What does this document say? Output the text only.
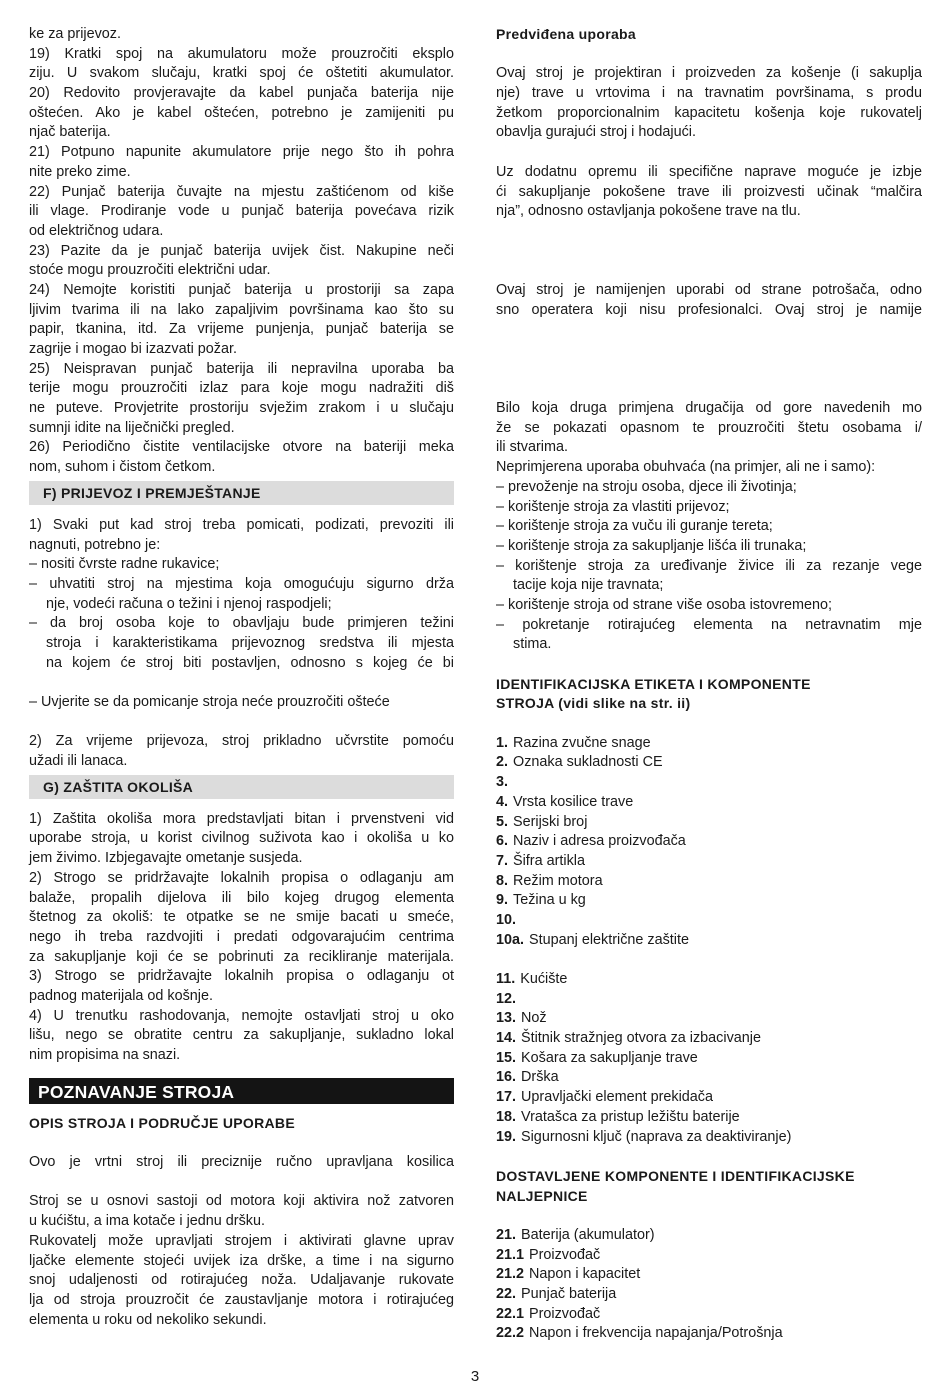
ke za prijevoz.
19) Kratki spoj na akumulatoru može prouzročiti eksplo
ziju. U svakom slučaju, kratki spoj će oštetiti akumulator.
20) Redovito provjeravajte da kabel punjača baterija nije
oštećen. Ako je kabel oštećen, potrebno je zamijeniti pu
njač baterija.
21) Potpuno napunite akumulatore prije nego što ih pohra
nite preko zime.
22) Punjač baterija čuvajte na mjestu zaštićenom od kiše
ili vlage. Prodiranje vode u punjač baterija povećava rizik
od električnog udara.
23) Pazite da je punjač baterija uvijek čist. Nakupine neči
stoće mogu prouzročiti električni udar.
24) Nemojte koristiti punjač baterija u prostoriji sa zapa
ljivim tvarima ili na lako zapaljivim površinama kao što su
papir, tkanina, itd. Za vrijeme punjenja, punjač baterija se
zagrije i mogao bi izazvati požar.
25) Neispravan punjač baterija ili nepravilna uporaba ba
terije mogu prouzročiti izlaz para koje mogu nadražiti diš
ne puteve. Provjetrite prostoriju svježim zrakom i u slučaju
sumnji idite na liječnički pregled.
26) Periodično čistite ventilacijske otvore na bateriji meka
nom, suhom i čistom četkom.
F) PRIJEVOZ I PREMJEŠTANJE
1) Svaki put kad stroj treba pomicati, podizati, prevoziti ili
nagnuti, potrebno je:
– nositi čvrste radne rukavice;
– uhvatiti stroj na mjestima koja omogućuju sigurno drža
nje, vodeći računa o težini i njenoj raspodjeli;
– da broj osoba koje to obavljaju bude primjeren težini
stroja i karakteristikama prijevoznog sredstva ili mjesta
na kojem će stroj biti postavljen, odnosno s kojeg će bi
– Uvjerite se da pomicanje stroja neće prouzročiti ošteće
2) Za vrijeme prijevoza, stroj prikladno učvrstite pomoću
užadi ili lanaca.
G) ZAŠTITA OKOLIŠA
1) Zaštita okoliša mora predstavljati bitan i prvenstveni vid
uporabe stroja, u korist civilnog suživota kao i okoliša u ko
jem živimo. Izbjegavajte ometanje susjeda.
2) Strogo se pridržavajte lokalnih propisa o odlaganju am
balaže, propalih dijelova ili bilo kojeg drugog elementa
štetnog za okoliš: te otpatke se ne smije bacati u smeće,
nego ih treba razdvojiti i predati odgovarajućim centrima
za sakupljanje koji će se pobrinuti za recikliranje materijala.
3) Strogo se pridržavajte lokalnih propisa o odlaganju ot
padnog materijala od košnje.
4) U trenutku rashodovanja, nemojte ostavljati stroj u oko
lišu, nego se obratite centru za sakupljanje, sukladno lokal
nim propisima na snazi.
POZNAVANJE STROJA
OPIS STROJA I PODRUČJE UPORABE
Ovo je vrtni stroj ili preciznije ručno upravljana kosilica
Stroj se u osnovi sastoji od motora koji aktivira nož zatvoren
u kućištu, a ima kotače i jednu dršku.
Rukovatelj može upravljati strojem i aktivirati glavne uprav
ljačke elemente stojeći uvijek iza drške, a time i na sigurno
snoj udaljenosti od rotirajućeg noža. Udaljavanje rukovate
lja od stroja prouzročit će zaustavljanje motora i rotirajućeg
elementa u roku od nekoliko sekundi.
Predviđena uporaba
Ovaj stroj je projektiran i proizveden za košenje (i sakuplja
nje) trave u vrtovima i na travnatim površinama, s produ
žetkom proporcionalnim kapacitetu košenja koje rukovatelj
obavlja gurajući stroj i hodajući.
Uz dodatnu opremu ili specifične naprave moguće je izbje
ći sakupljanje pokošene trave ili proizvesti učinak “malčira
nja”, odnosno ostavljanja pokošene trave na tlu.
Ovaj stroj je namijenjen uporabi od strane potrošača, odno
sno operatera koji nisu profesionalci. Ovaj stroj je namije
Bilo koja druga primjena drugačija od gore navedenih mo
že se pokazati opasnom te prouzročiti štetu osobama i/
ili stvarima.
Neprimjerena uporaba obuhvaća (na primjer, ali ne i samo):
– prevoženje na stroju osoba, djece ili životinja;
– korištenje stroja za vlastiti prijevoz;
– korištenje stroja za vuču ili guranje tereta;
– korištenje stroja za sakupljanje lišća ili trunaka;
– korištenje stroja za uređivanje živice ili za rezanje vege
tacije koja nije travnata;
– korištenje stroja od strane više osoba istovremeno;
– pokretanje rotirajućeg elementa na netravnatim mje
stima.
IDENTIFIKACIJSKA ETIKETA I KOMPONENTE
STROJA (vidi slike na str. ii)
1. Razina zvučne snage
2. Oznaka sukladnosti CE
3.
4. Vrsta kosilice trave
5. Serijski broj
6. Naziv i adresa proizvođača
7. Šifra artikla
8. Režim motora
9. Težina u kg
10.
10a. Stupanj električne zaštite
11. Kućište
12.
13. Nož
14. Štitnik stražnjeg otvora za izbacivanje
15. Košara za sakupljanje trave
16. Drška
17. Upravljački element prekidača
18. Vratašca za pristup ležištu baterije
19. Sigurnosni ključ (naprava za deaktiviranje)
DOSTAVLJENE KOMPONENTE I IDENTIFIKACIJSKE
NALJEPNICE
21. Baterija (akumulator)
21.1 Proizvođač
21.2 Napon i kapacitet
22. Punjač baterija
22.1 Proizvođač
22.2 Napon i frekvencija napajanja/Potrošnja
3
